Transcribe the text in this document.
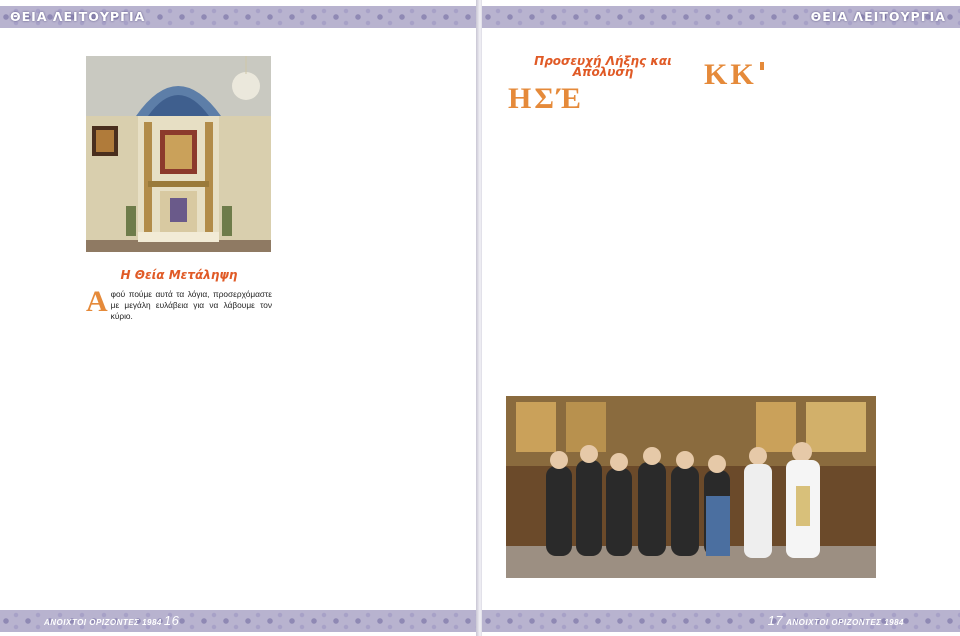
ΘΕΙΑ ΛΕΙΤΟΥΡΓΙΑ
Η Θεία Μετάληψη

Αφού πούμε αυτά τα λόγια, προσερχόμαστε με μεγάλη ευλάβεια για να λάβουμε τον κύριο.

ΑΝΟΙΧΤΟΙ ΟΡΙΖΟΝΤΕΣ 1984 16
ΘΕΙΑ ΛΕΙΤΟΥΡΓΙΑ
Προσευχή Λήξης και Απόλυση

Η Σ Έ

Κ Κ

17 ΑΝΟΙΧΤΟΙ ΟΡΙΖΟΝΤΕΣ 1984
